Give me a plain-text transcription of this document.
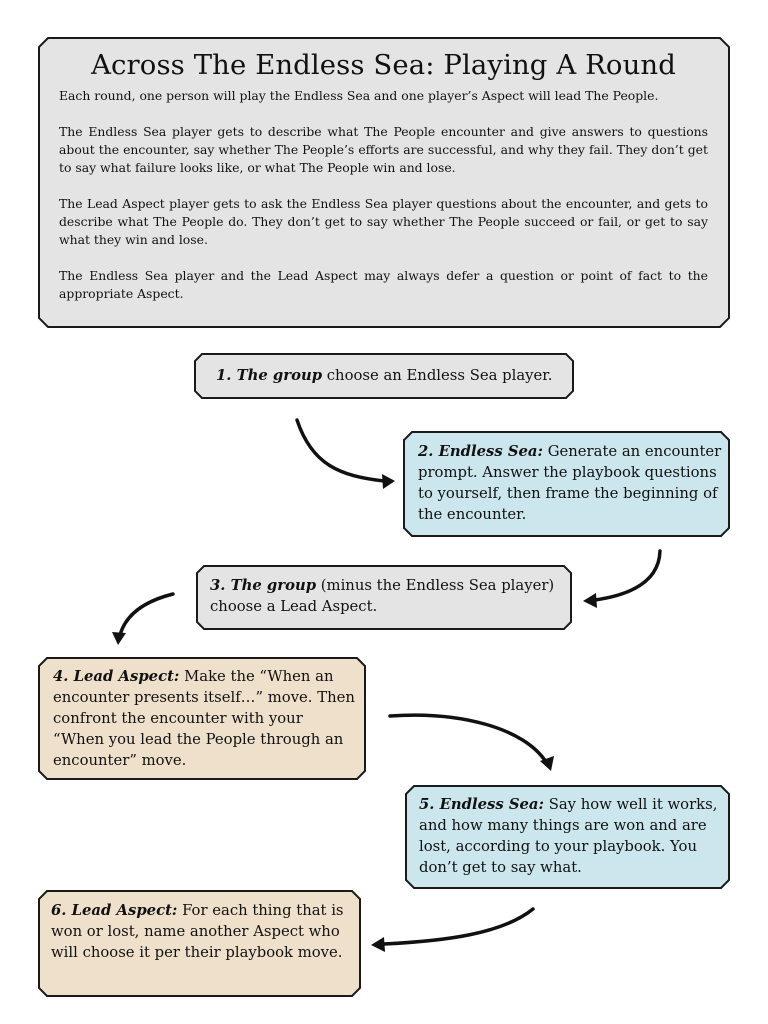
Across The Endless Sea: Playing A Round

Each round, one person will play the Endless Sea and one player’s Aspect will lead The People.

The Endless Sea player gets to describe what The People encounter and give answers to questions about the encounter, say whether The People’s efforts are successful, and why they fail. They don’t get to say what failure looks like, or what The People win and lose.

The Lead Aspect player gets to ask the Endless Sea player questions about the encounter, and gets to describe what The People do. They don’t get to say whether The People succeed or fail, or get to say what they win and lose.

The Endless Sea player and the Lead Aspect may always defer a question or point of fact to the appropriate Aspect.

1. The group choose an Endless Sea player.
2. Endless Sea: Generate an encounter prompt. Answer the playbook questions to yourself, then frame the beginning of the encounter.
3. The group (minus the Endless Sea player) choose a Lead Aspect.
4. Lead Aspect: Make the “When an encounter presents itself…” move. Then confront the encounter with your “When you lead the People through an encounter” move.
5. Endless Sea: Say how well it works, and how many things are won and are lost, according to your playbook. You don’t get to say what.
6. Lead Aspect: For each thing that is won or lost, name another Aspect who will choose it per their playbook move.
